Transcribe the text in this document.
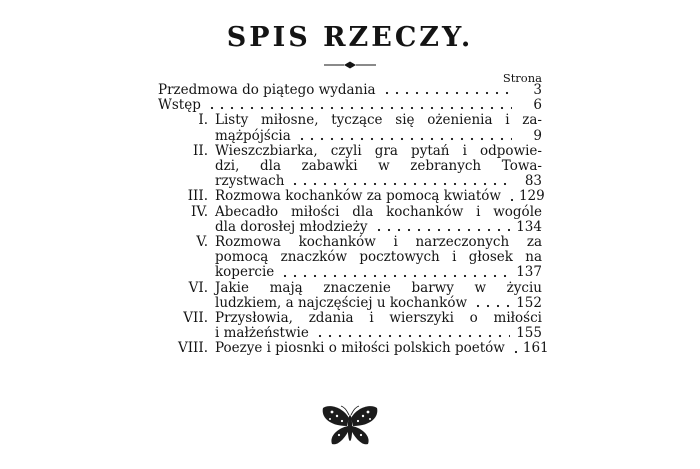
SPIS RZECZY.
Strona
Przedmowa do piątego wydania	3
Wstęp	6
I. Listy miłosne, tyczące się ożenienia i za-
mążpójścia	9
II. Wieszczbiarka, czyli gra pytań i odpowie-
dzi, dla zabawki w zebranych Towa-
rzystwach	83
III. Rozmowa kochanków za pomocą kwiatów 129
IV. Abecadło miłości dla kochanków i wogóle
dla dorosłej młodzieży	134
V. Rozmowa kochanków i narzeczonych za
pomocą znaczków pocztowych i głosek na
kopercie	137
VI. Jakie mają znaczenie barwy w życiu
ludzkiem, a najczęściej u kochanków	152
VII. Przysłowia, zdania i wierszyki o miłości
i małżeństwie	155
VIII. Poezye i piosnki o miłości polskich poetów 161
